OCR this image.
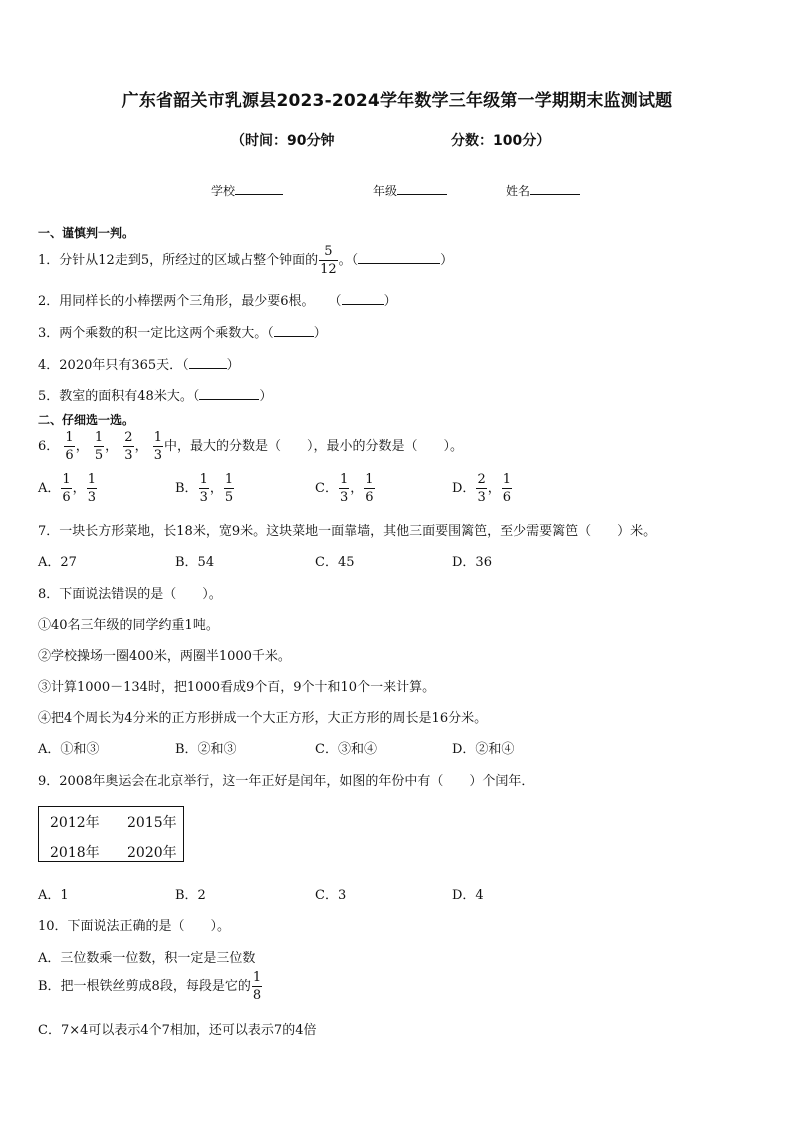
广东省韶关市乳源县2023-2024学年数学三年级第一学期期末监测试题
（时间：90分钟	分数：100分）
学校	年级	姓名
一、谨慎判一判。
1．分针从12走到5，所经过的区域占整个钟面的 $\frac{5}{12}$ 。（	）
2．用同样长的小棒摆两个三角形，最少要6根。 （	）
3．两个乘数的积一定比这两个乘数大。（	）
4．2020年只有365天．（	）
5．教室的面积有48米大。（	）
二、仔细选一选。
6． $\frac{1}{6}$ ， $\frac{1}{5}$ ， $\frac{2}{3}$ ， $\frac{1}{3}$ 中，最大的分数是（　　），最小的分数是（　　）。
A． $\frac{1}{6}$ ， $\frac{1}{3}$	B． $\frac{1}{3}$ ， $\frac{1}{5}$	C． $\frac{1}{3}$ ， $\frac{1}{6}$	D． $\frac{2}{3}$ ， $\frac{1}{6}$
7．一块长方形菜地，长18米，宽9米。这块菜地一面靠墙，其他三面要围篱笆，至少需要篱笆（　　）米。
A．27	B．54	C．45	D．36
8．下面说法错误的是（　　）。
①40名三年级的同学约重1吨。
②学校操场一圈400米，两圈半1000千米。
③计算1000－134时，把1000看成9个百，9个十和10个一来计算。
④把4个周长为4分米的正方形拼成一个大正方形，大正方形的周长是16分米。
A．①和③	B．②和③	C．③和④	D．②和④
9．2008年奥运会在北京举行，这一年正好是闰年，如图的年份中有（　　）个闰年．
2012年 2015年
2018年 2020年
A．1	B．2	C．3	D．4
10．下面说法正确的是（　　）。
A．三位数乘一位数，积一定是三位数
B．把一根铁丝剪成8段，每段是它的 $\frac{1}{8}$
C．7×4可以表示4个7相加，还可以表示7的4倍
